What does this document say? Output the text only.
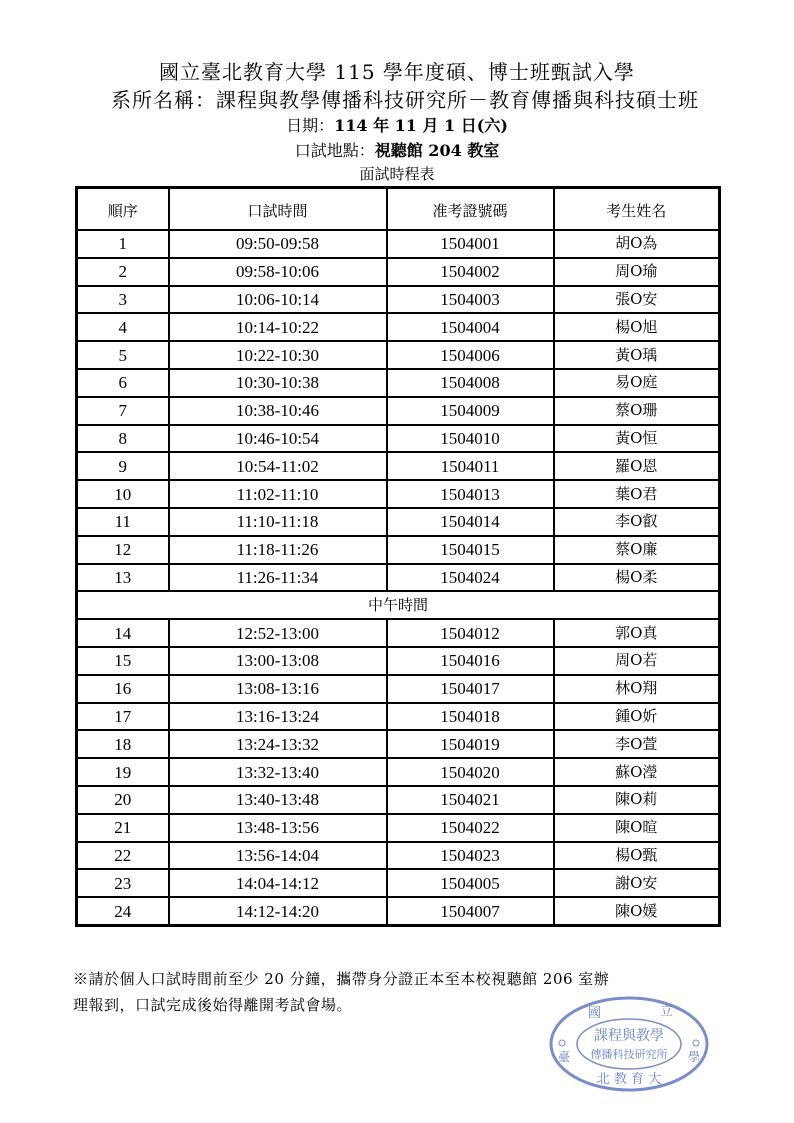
國立臺北教育大學 115 學年度碩、博士班甄試入學
系所名稱：課程與教學傳播科技研究所－教育傳播與科技碩士班
日期：114 年 11 月 1 日(六)
口試地點：視聽館 204 教室
面試時程表
順序	口試時間	准考證號碼	考生姓名
1	09:50-09:58	1504001	胡O為
2	09:58-10:06	1504002	周O瑜
3	10:06-10:14	1504003	張O安
4	10:14-10:22	1504004	楊O旭
5	10:22-10:30	1504006	黃O瑀
6	10:30-10:38	1504008	易O庭
7	10:38-10:46	1504009	蔡O珊
8	10:46-10:54	1504010	黃O恒
9	10:54-11:02	1504011	羅O恩
10	11:02-11:10	1504013	葉O君
11	11:10-11:18	1504014	李O叡
12	11:18-11:26	1504015	蔡O廉
13	11:26-11:34	1504024	楊O柔
中午時間			
14	12:52-13:00	1504012	郭O真
15	13:00-13:08	1504016	周O若
16	13:08-13:16	1504017	林O翔
17	13:16-13:24	1504018	鍾O妡
18	13:24-13:32	1504019	李O萱
19	13:32-13:40	1504020	蘇O瀅
20	13:40-13:48	1504021	陳O莉
21	13:48-13:56	1504022	陳O暄
22	13:56-14:04	1504023	楊O甄
23	14:04-14:12	1504005	謝O安
24	14:12-14:20	1504007	陳O媛
※請於個人口試時間前至少 20 分鐘，攜帶身分證正本至本校視聽館 206 室辦
理報到，口試完成後始得離開考試會場。	國	立
課程與教學
傳播科技研究所
臺	學
北 教 育 大
